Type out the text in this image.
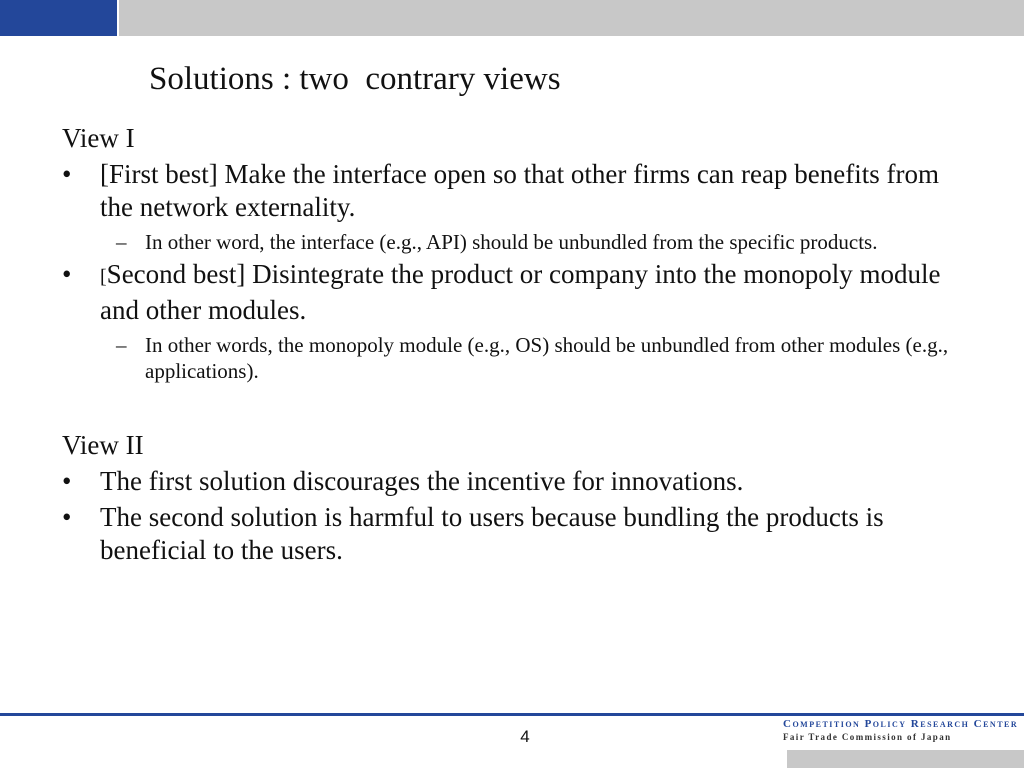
Solutions : two  contrary views

View I

• [First best] Make the interface open so that other firms can reap benefits from the network externality.
– In other word, the interface (e.g., API) should be unbundled from the specific products.
• [Second best] Disintegrate the product or company into the monopoly module and other modules.
– In other words, the monopoly module (e.g., OS) should be unbundled from other modules (e.g., applications).

View II

• The first solution discourages the incentive for innovations.
• The second solution is harmful to users because bundling the products is beneficial to the users.
4
Competition Policy Research Center
Fair Trade Commission of Japan
